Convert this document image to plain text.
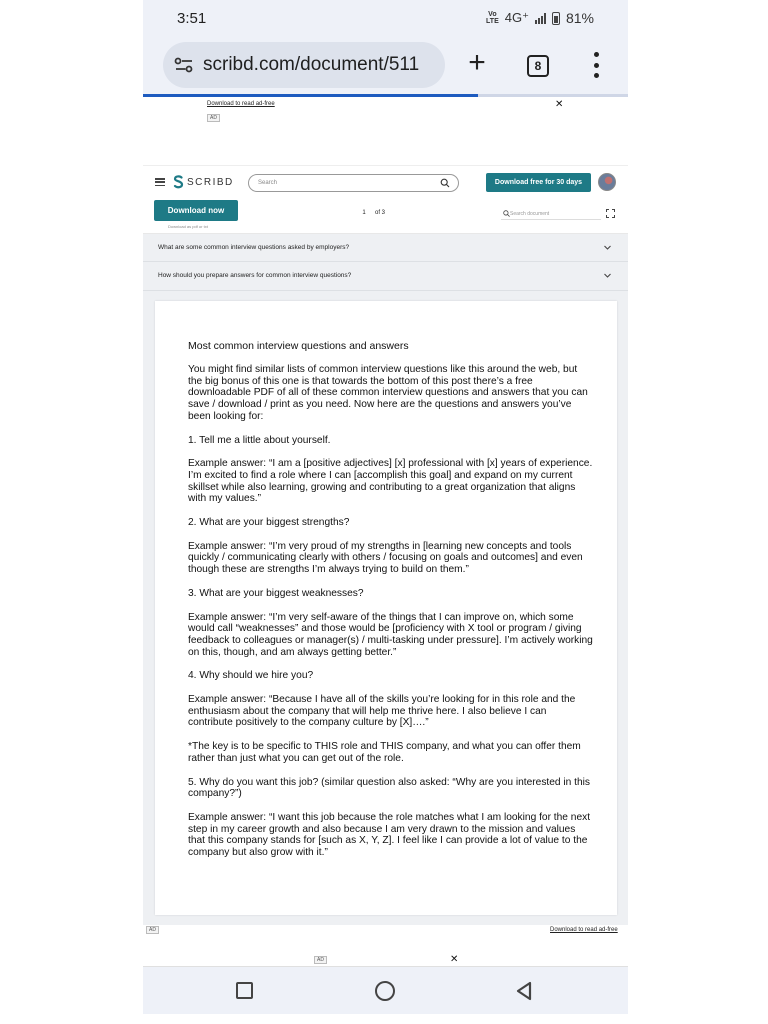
3:51	Vo
LTE 4G⁺	81%
scribd.com/document/511 +	8
Download to read ad-free
AD
✕
SCRIBD	Search	Download free for 30 days
Download now
Download as pdf or txt
1	of 3	Search document
What are some common interview questions asked by employers?
How should you prepare answers for common interview questions?
Most common interview questions and answers

You might find similar lists of common interview questions like this around the web, but the big bonus of this one is that towards the bottom of this post there’s a free downloadable PDF of all of these common interview questions and answers that you can save / download / print as you need. Now here are the questions and answers you’ve been looking for:

1. Tell me a little about yourself.

Example answer: “I am a [positive adjectives] [x] professional with [x] years of experience. I’m excited to find a role where I can [accomplish this goal] and expand on my current skillset while also learning, growing and contributing to a great organization that aligns with my values.”

2. What are your biggest strengths?

Example answer: “I’m very proud of my strengths in [learning new concepts and tools quickly / communicating clearly with others / focusing on goals and outcomes] and even though these are strengths I’m always trying to build on them.”

3. What are your biggest weaknesses?

Example answer: “I’m very self-aware of the things that I can improve on, which some would call “weaknesses” and those would be [proficiency with X tool or program / giving feedback to colleagues or manager(s) / multi-tasking under pressure]. I’m actively working on this, though, and am always getting better.”

4. Why should we hire you?

Example answer: “Because I have all of the skills you’re looking for in this role and the enthusiasm about the company that will help me thrive here. I also believe I can contribute positively to the company culture by [X]….”

*The key is to be specific to THIS role and THIS company, and what you can offer them rather than just what you can get out of the role.

5. Why do you want this job? (similar question also asked: “Why are you interested in this company?”)

Example answer: “I want this job because the role matches what I am looking for the next step in my career growth and also because I am very drawn to the mission and values that this company stands for [such as X, Y, Z]. I feel like I can provide a lot of value to the company but also grow with it.”

AD	Download to read ad-free
AD	✕
